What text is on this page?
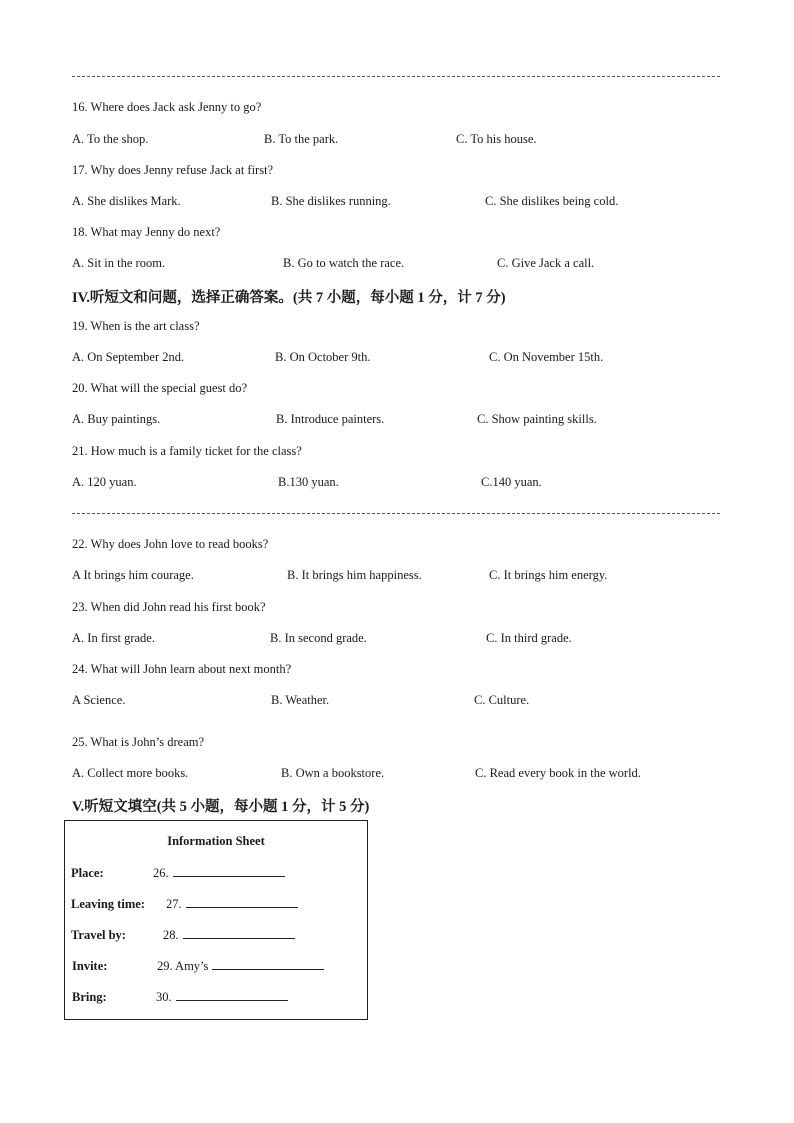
16. Where does Jack ask Jenny to go?
A. To the shop.	B. To the park.	C. To his house.
17. Why does Jenny refuse Jack at first?
A. She dislikes Mark.	B. She dislikes running.	C. She dislikes being cold.
18. What may Jenny do next?
A. Sit in the room.	B. Go to watch the race.	C. Give Jack a call.
IV.听短文和问题，选择正确答案。(共 7 小题，每小题 1 分，计 7 分)
19. When is the art class?
A. On September 2nd.	B. On October 9th.	C. On November 15th.
20. What will the special guest do?
A. Buy paintings.	B. Introduce painters.	C. Show painting skills.
21. How much is a family ticket for the class?
A. 120 yuan.	B.130 yuan.	C.140 yuan.
22. Why does John love to read books?
A It brings him courage.	B. It brings him happiness.	C. It brings him energy.
23. When did John read his first book?
A. In first grade.	B. In second grade.	C. In third grade.
24. What will John learn about next month?
A Science.	B. Weather.	C. Culture.
25. What is John’s dream?
A. Collect more books.	B. Own a bookstore.	C. Read every book in the world.
V.听短文填空(共 5 小题，每小题 1 分，计 5 分)
Information Sheet
Place:	26.
Leaving time: 27.
Travel by:	28.
Invite:	29. Amy’s
Bring:	30.
